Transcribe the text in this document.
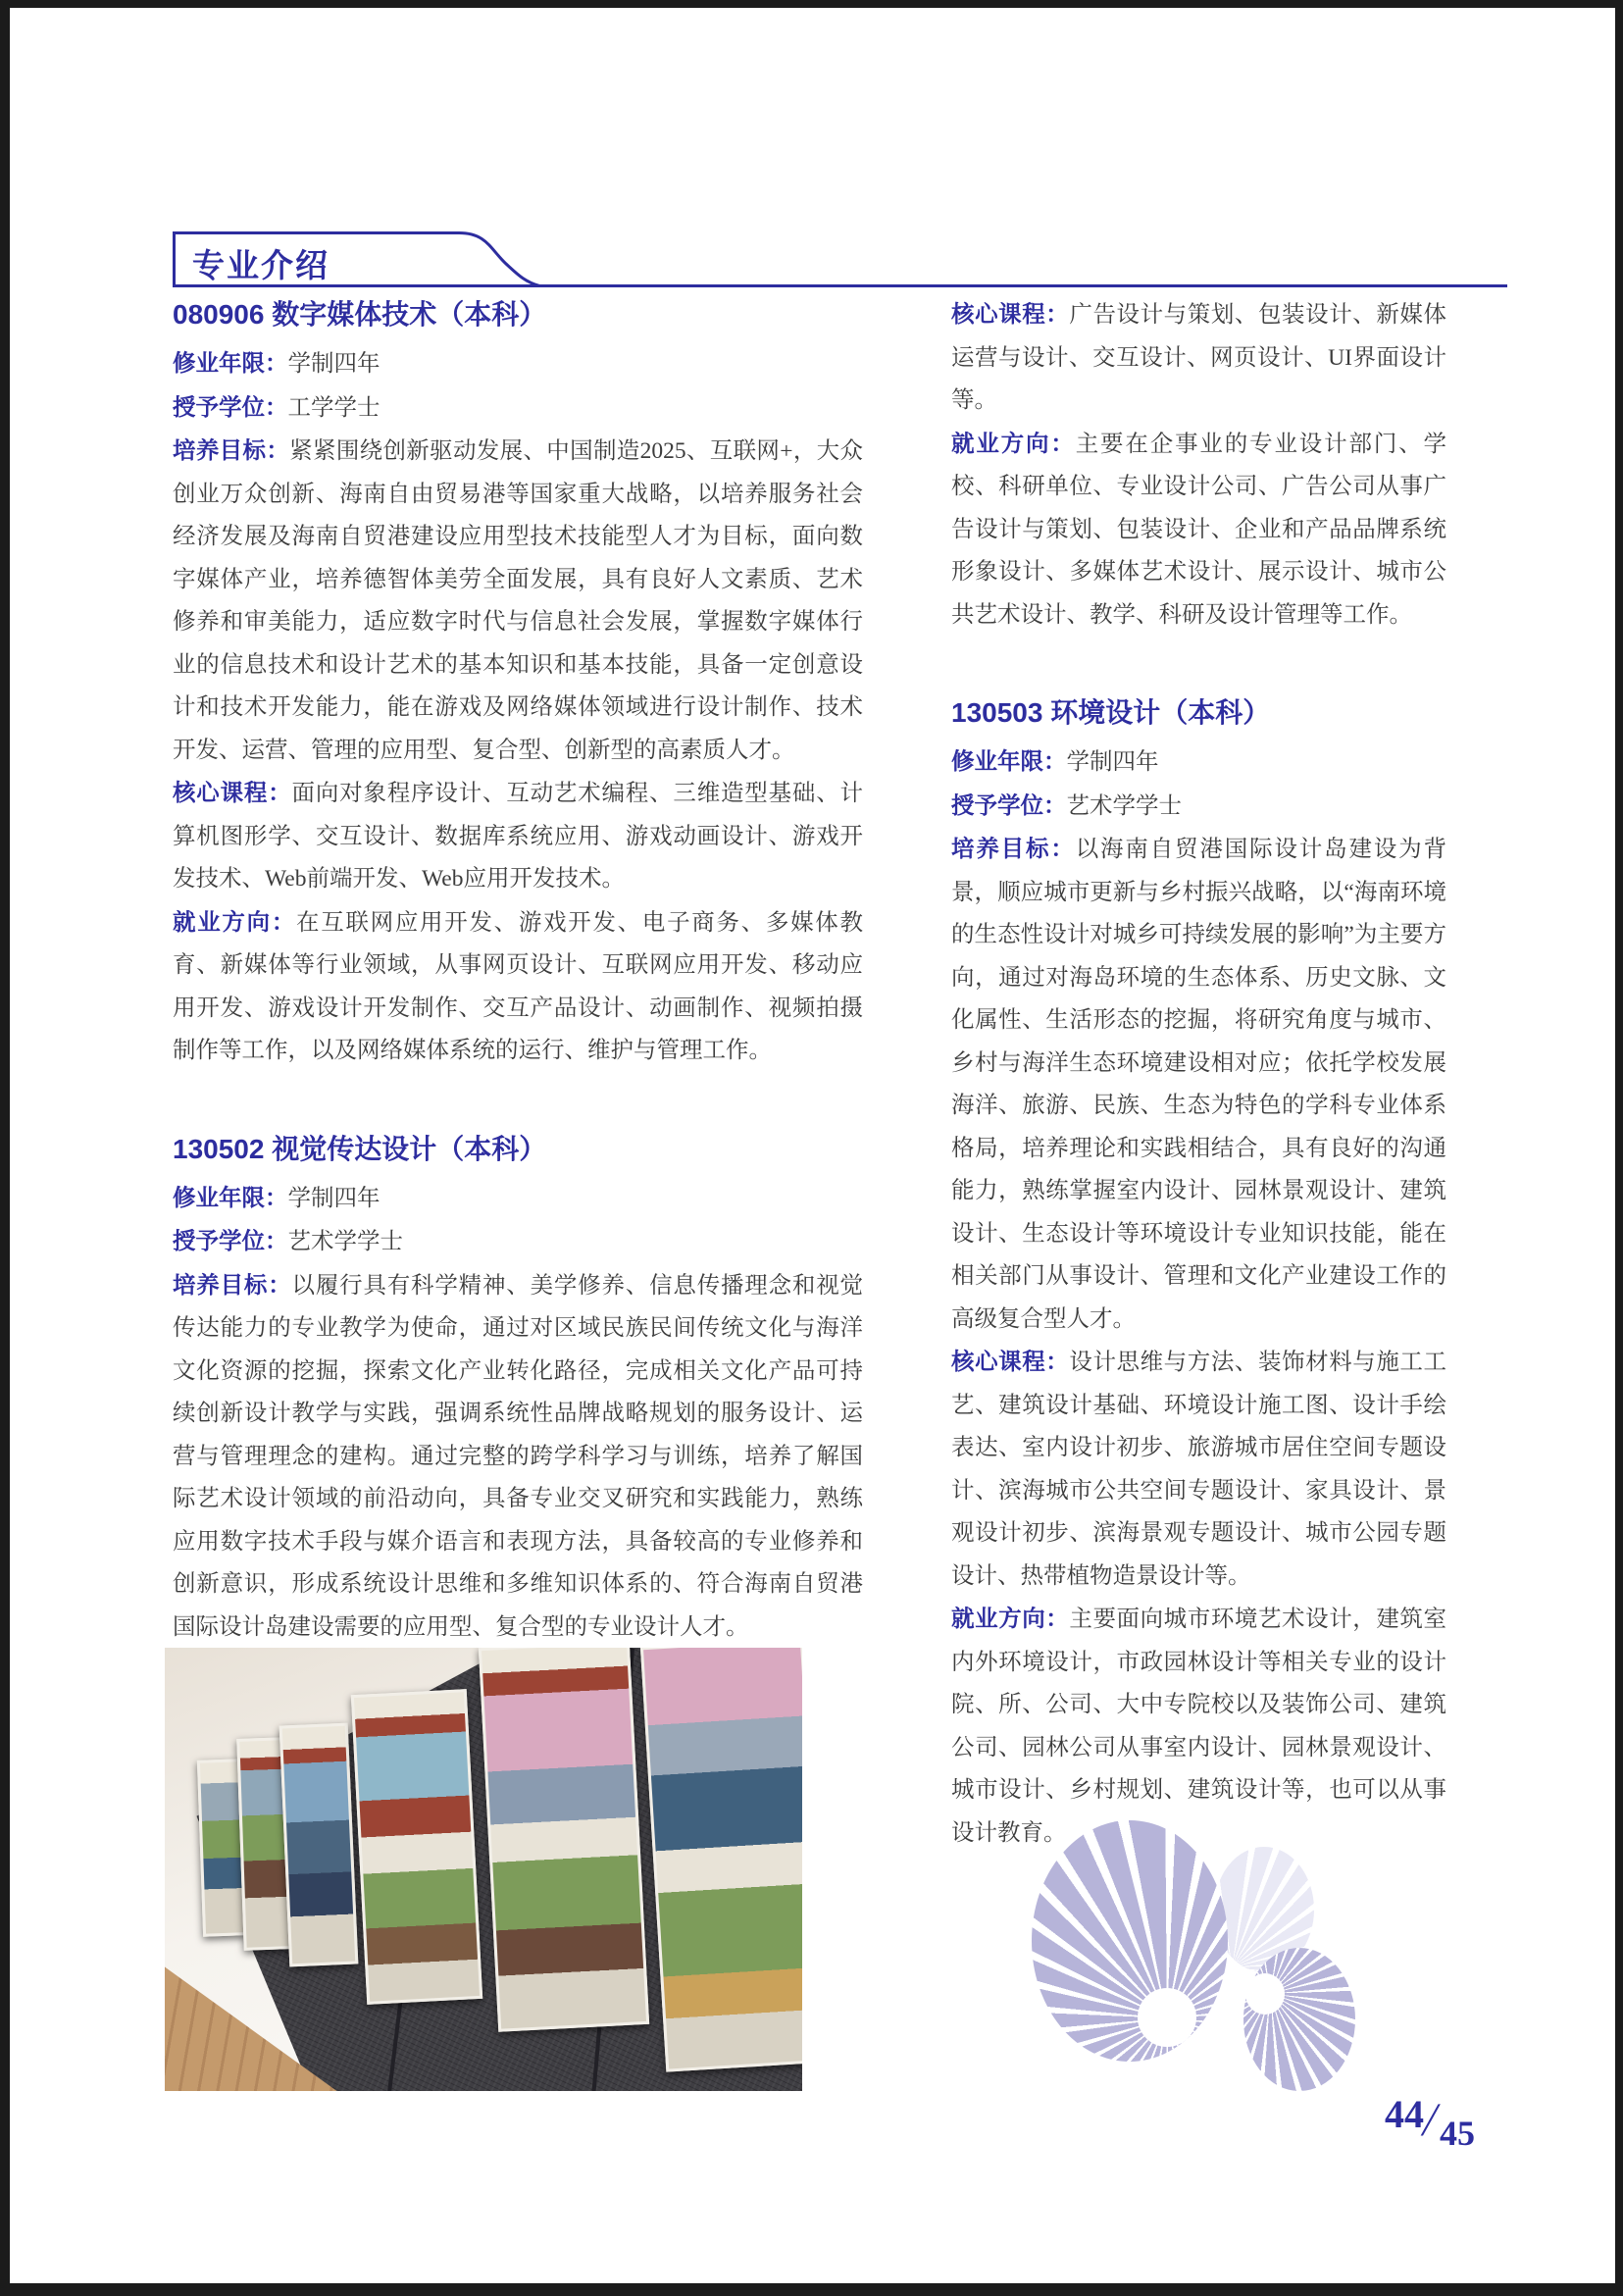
专业介绍
080906 数字媒体技术（本科）

修业年限：学制四年

授予学位：工学学士

培养目标：紧紧围绕创新驱动发展、中国制造2025、互联网+，大众创业万众创新、海南自由贸易港等国家重大战略，以培养服务社会经济发展及海南自贸港建设应用型技术技能型人才为目标，面向数字媒体产业，培养德智体美劳全面发展，具有良好人文素质、艺术修养和审美能力，适应数字时代与信息社会发展，掌握数字媒体行业的信息技术和设计艺术的基本知识和基本技能，具备一定创意设计和技术开发能力，能在游戏及网络媒体领域进行设计制作、技术开发、运营、管理的应用型、复合型、创新型的高素质人才。

核心课程：面向对象程序设计、互动艺术编程、三维造型基础、计算机图形学、交互设计、数据库系统应用、游戏动画设计、游戏开发技术、Web前端开发、Web应用开发技术。

就业方向：在互联网应用开发、游戏开发、电子商务、多媒体教育、新媒体等行业领域，从事网页设计、互联网应用开发、移动应用开发、游戏设计开发制作、交互产品设计、动画制作、视频拍摄制作等工作，以及网络媒体系统的运行、维护与管理工作。

130502 视觉传达设计（本科）

修业年限：学制四年

授予学位：艺术学学士

培养目标：以履行具有科学精神、美学修养、信息传播理念和视觉传达能力的专业教学为使命，通过对区域民族民间传统文化与海洋文化资源的挖掘，探索文化产业转化路径，完成相关文化产品可持续创新设计教学与实践，强调系统性品牌战略规划的服务设计、运营与管理理念的建构。通过完整的跨学科学习与训练，培养了解国际艺术设计领域的前沿动向，具备专业交叉研究和实践能力，熟练应用数字技术手段与媒介语言和表现方法，具备较高的专业修养和创新意识，形成系统设计思维和多维知识体系的、符合海南自贸港国际设计岛建设需要的应用型、复合型的专业设计人才。

核心课程：广告设计与策划、包装设计、新媒体运营与设计、交互设计、网页设计、UI界面设计等。

就业方向：主要在企事业的专业设计部门、学校、科研单位、专业设计公司、广告公司从事广告设计与策划、包装设计、企业和产品品牌系统形象设计、多媒体艺术设计、展示设计、城市公共艺术设计、教学、科研及设计管理等工作。

130503 环境设计（本科）

修业年限：学制四年

授予学位：艺术学学士

培养目标：以海南自贸港国际设计岛建设为背景，顺应城市更新与乡村振兴战略，以“海南环境的生态性设计对城乡可持续发展的影响”为主要方向，通过对海岛环境的生态体系、历史文脉、文化属性、生活形态的挖掘，将研究角度与城市、乡村与海洋生态环境建设相对应；依托学校发展海洋、旅游、民族、生态为特色的学科专业体系格局，培养理论和实践相结合，具有良好的沟通能力，熟练掌握室内设计、园林景观设计、建筑设计、生态设计等环境设计专业知识技能，能在相关部门从事设计、管理和文化产业建设工作的高级复合型人才。

核心课程：设计思维与方法、装饰材料与施工工艺、建筑设计基础、环境设计施工图、设计手绘表达、室内设计初步、旅游城市居住空间专题设计、滨海城市公共空间专题设计、家具设计、景观设计初步、滨海景观专题设计、城市公园专题设计、热带植物造景设计等。

就业方向：主要面向城市环境艺术设计，建筑室内外环境设计，市政园林设计等相关专业的设计院、所、公司、大中专院校以及装饰公司、建筑公司、园林公司从事室内设计、园林景观设计、城市设计、乡村规划、建筑设计等，也可以从事设计教育。

44
/
45
